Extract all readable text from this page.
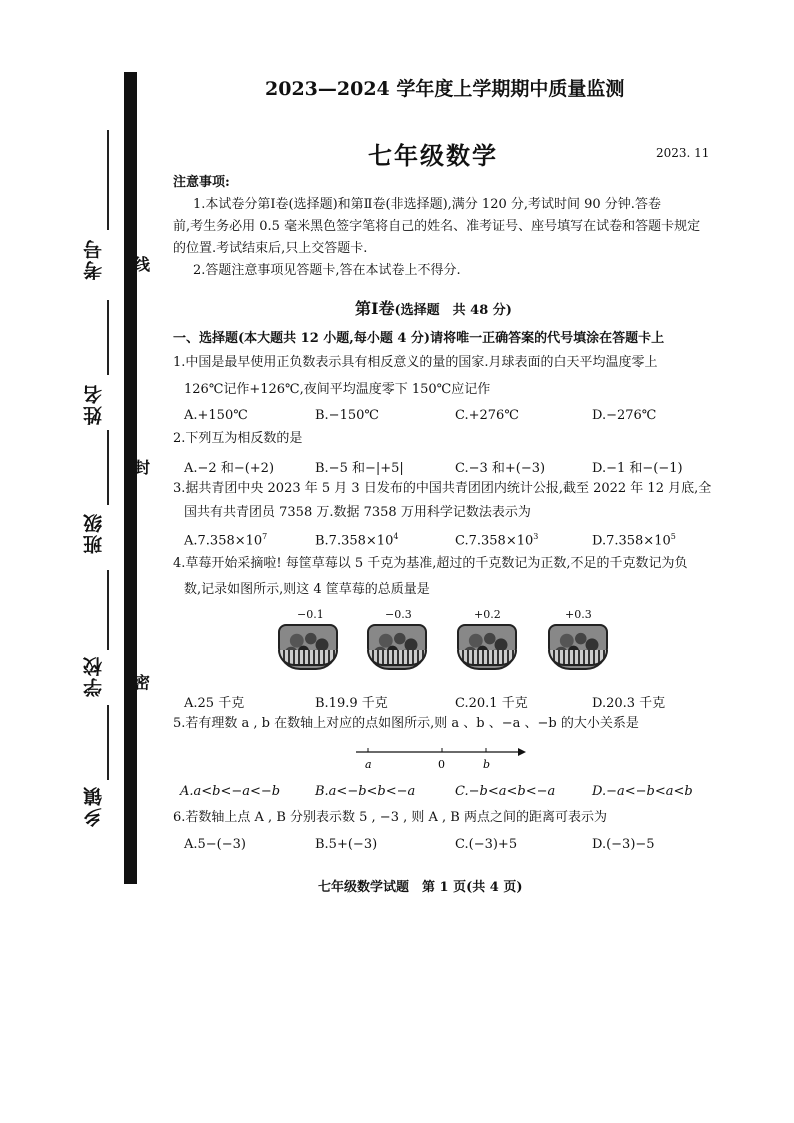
考号
姓名
班级
学校
乡镇
线
封
密
2023—2024 学年度上学期期中质量监测
七年级数学	2023. 11
注意事项:
1.本试卷分第Ⅰ卷(选择题)和第Ⅱ卷(非选择题),满分 120 分,考试时间 90 分钟.答卷
前,考生务必用 0.5 毫米黑色签字笔将自己的姓名、准考证号、座号填写在试卷和答题卡规定
的位置.考试结束后,只上交答题卡.
2.答题注意事项见答题卡,答在本试卷上不得分.
第Ⅰ卷(选择题　共 48 分)
一、选择题(本大题共 12 小题,每小题 4 分)请将唯一正确答案的代号填涂在答题卡上
1.中国是最早使用正负数表示具有相反意义的量的国家.月球表面的白天平均温度零上
126℃记作+126℃,夜间平均温度零下 150℃应记作
A.+150℃	B.−150℃	C.+276℃	D.−276℃
2.下列互为相反数的是
A.−2 和−(+2)	B.−5 和−|+5|	C.−3 和+(−3)	D.−1 和−(−1)
3.据共青团中央 2023 年 5 月 3 日发布的中国共青团团内统计公报,截至 2022 年 12 月底,全
国共有共青团员 7358 万.数据 7358 万用科学记数法表示为
$A.7.358\times 10^7$	$B.7.358\times 10^4$	$C.7.358\times 10^3$	$D.7.358\times 10^5$
4.草莓开始采摘啦! 每筐草莓以 5 千克为基准,超过的千克数记为正数,不足的千克数记为负
数,记录如图所示,则这 4 筐草莓的总质量是
−0.1	−0.3	+0.2	+0.3
A.25 千克	B.19.9 千克	C.20.1 千克	D.20.3 千克
5.若有理数 a , b 在数轴上对应的点如图所示,则 a 、b 、−a 、−b 的大小关系是
a	0	b
A.a<b<−a<−b	B.a<−b<b<−a	C.−b<a<b<−a	D.−a<−b<a<b
6.若数轴上点 A , B 分别表示数 5 , −3 , 则 A , B 两点之间的距离可表示为
A.5−(−3)	B.5+(−3)	C.(−3)+5	D.(−3)−5
七年级数学试题　第 1 页(共 4 页)
